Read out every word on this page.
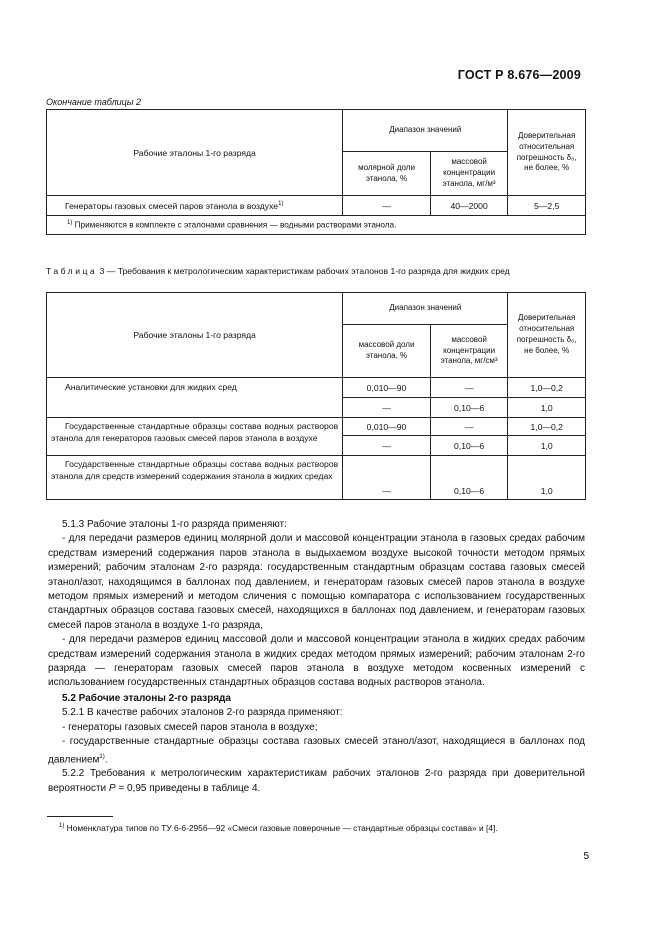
ГОСТ Р 8.676—2009
Окончание таблицы 2
Рабочие эталоны 1-го разряда	Диапазон значений		Доверительная относительная погрешность δ₀, не более, %
	молярной доли этанола, %	массовой концентрации этанола, мг/м³	
Генераторы газовых смесей паров этанола в воздухе$^{1)}$	—	40—2000	5—2,5
$^{1)}$ Применяются в комплекте с эталонами сравнения — водными растворами этанола.			
Таблица 3 — Требования к метрологическим характеристикам рабочих эталонов 1-го разряда для жидких сред
Рабочие эталоны 1-го разряда	Диапазон значений		Доверительная относительная погрешность δ₀, не более, %
	массовой доли этанола, %	массовой концентрации этанола, мг/см³	
Аналитические установки для жидких сред	0,010—90	—	1,0—0,2
	—	0,10—6	1,0
Государственные стандартные образцы состава водных растворов этанола для генераторов газовых смесей паров этанола в воздухе	0,010—90	—	1,0—0,2
	—	0,10—6	1,0
Государственные стандартные образцы состава водных растворов этанола для средств измерений содержания этанола в жидких средах	—	0,10—6	1,0

5.1.3 Рабочие эталоны 1-го разряда применяют:

- для передачи размеров единиц молярной доли и массовой концентрации этанола в газовых средах рабочим средствам измерений содержания паров этанола в выдыхаемом воздухе высокой точности методом прямых измерений; рабочим эталонам 2-го разряда: государственным стандартным образцам состава газовых смесей этанол/азот, находящимся в баллонах под давлением, и генераторам газовых смесей паров этанола в воздухе методом прямых измерений и методом сличения с помощью компаратора с использованием государственных стандартных образцов состава газовых смесей, находящихся в баллонах под давлением, и генераторам газовых смесей паров этанола в воздухе 1-го разряда,

- для передачи размеров единиц массовой доли и массовой концентрации этанола в жидких средах рабочим средствам измерений содержания этанола в жидких средах методом прямых измерений; рабочим эталонам 2-го разряда — генераторам газовых смесей паров этанола в воздухе методом косвенных измерений с использованием государственных стандартных образцов состава водных растворов этанола.

5.2 Рабочие эталоны 2-го разряда

5.2.1 В качестве рабочих эталонов 2-го разряда применяют:

- генераторы газовых смесей паров этанола в воздухе;

- государственные стандартные образцы состава газовых смесей этанол/азот, находящиеся в баллонах под давлением$^{1)}$.

5.2.2 Требования к метрологическим характеристикам рабочих эталонов 2-го разряда при доверительной вероятности P = 0,95 приведены в таблице 4.

$^{1)}$ Номенклатура типов по ТУ 6-6-2956—92 «Смеси газовые поверочные — стандартные образцы состава» и [4].
5
